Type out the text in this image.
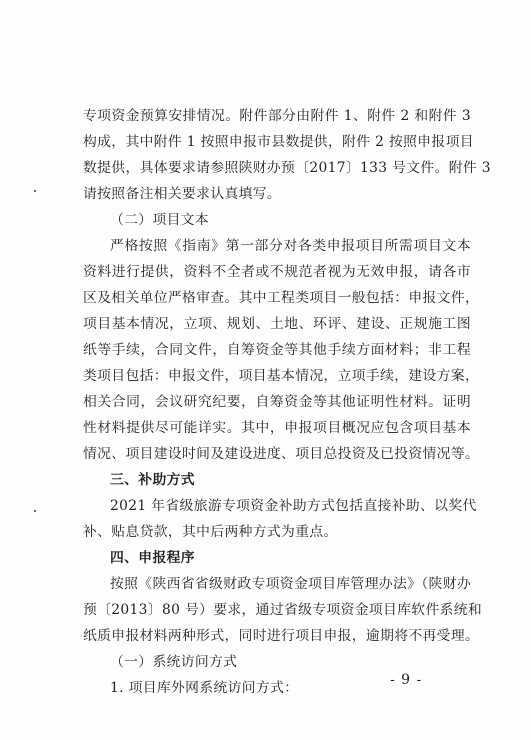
专项资金预算安排情况。附件部分由附件 1、附件 2 和附件 3
构成，其中附件 1 按照申报市县数提供，附件 2 按照申报项目
数提供，具体要求请参照陕财办预〔2017〕133 号文件。附件 3
请按照备注相关要求认真填写。
（二）项目文本
严格按照《指南》第一部分对各类申报项目所需项目文本
资料进行提供，资料不全者或不规范者视为无效申报，请各市
区及相关单位严格审查。其中工程类项目一般包括：申报文件，
项目基本情况，立项、规划、土地、环评、建设、正规施工图
纸等手续，合同文件，自筹资金等其他手续方面材料；非工程
类项目包括：申报文件，项目基本情况，立项手续，建设方案，
相关合同，会议研究纪要，自筹资金等其他证明性材料。证明
性材料提供尽可能详实。其中，申报项目概况应包含项目基本
情况、项目建设时间及建设进度、项目总投资及已投资情况等。
三、补助方式
2021 年省级旅游专项资金补助方式包括直接补助、以奖代
补、贴息贷款，其中后两种方式为重点。
四、申报程序
按照《陕西省省级财政专项资金项目库管理办法》（陕财办
预〔2013〕80 号）要求，通过省级专项资金项目库软件系统和
纸质申报材料两种形式，同时进行项目申报，逾期将不再受理。
（一）系统访问方式
1. 项目库外网系统访问方式：	- 9 -
